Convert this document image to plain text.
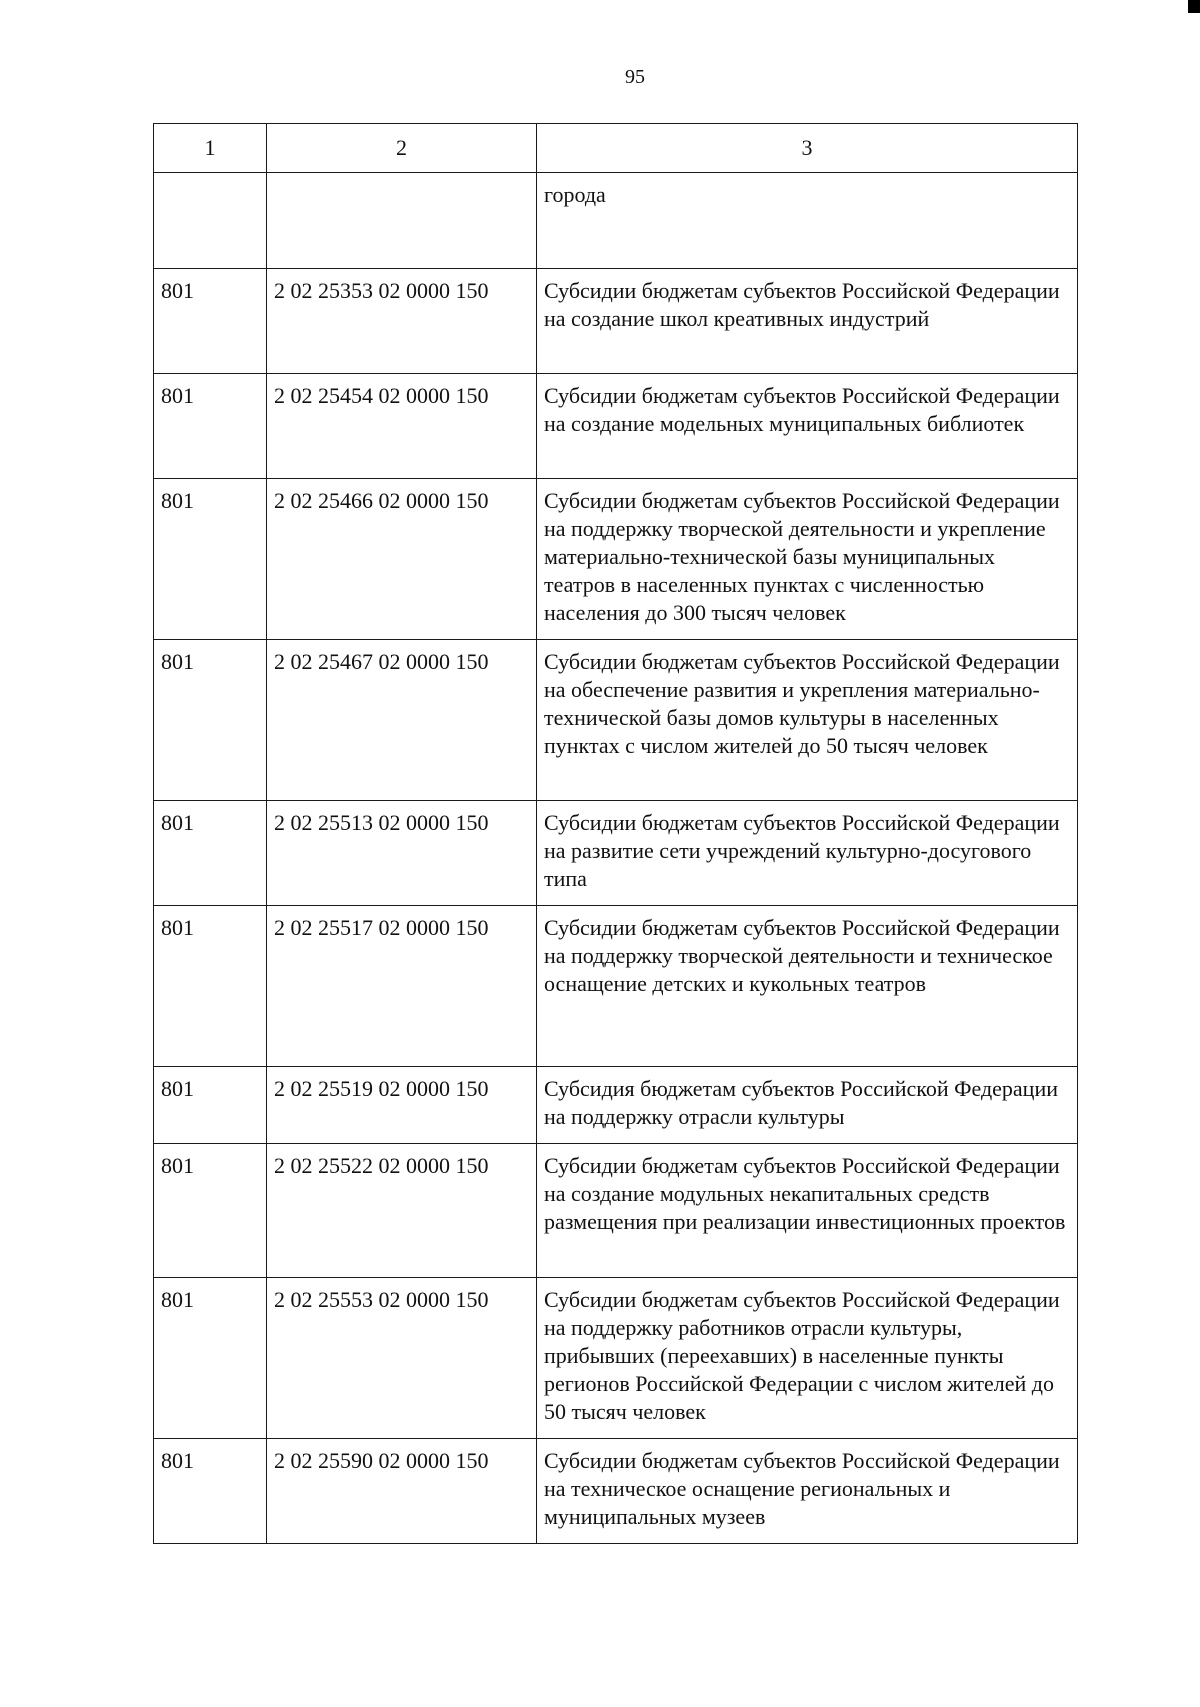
95
1	2	3
		города
801	2 02 25353 02 0000 150	Субсидии бюджетам субъектов Российской Федерации на создание школ креативных индустрий
801	2 02 25454 02 0000 150	Субсидии бюджетам субъектов Российской Федерации на создание модельных муниципальных библиотек
801	2 02 25466 02 0000 150	Субсидии бюджетам субъектов Российской Федерации на поддержку творческой деятельности и укрепление материально-технической базы муниципальных театров в населенных пунктах с численностью населения до 300 тысяч человек
801	2 02 25467 02 0000 150	Субсидии бюджетам субъектов Российской Федерации на обеспечение развития и укрепления материально-технической базы домов культуры в населенных пунктах с числом жителей до 50 тысяч человек
801	2 02 25513 02 0000 150	Субсидии бюджетам субъектов Российской Федерации на развитие сети учреждений культурно-досугового типа
801	2 02 25517 02 0000 150	Субсидии бюджетам субъектов Российской Федерации на поддержку творческой деятельности и техническое оснащение детских и кукольных театров
801	2 02 25519 02 0000 150	Субсидия бюджетам субъектов Российской Федерации на поддержку отрасли культуры
801	2 02 25522 02 0000 150	Субсидии бюджетам субъектов Российской Федерации на создание модульных некапитальных средств размещения при реализации инвестиционных проектов
801	2 02 25553 02 0000 150	Субсидии бюджетам субъектов Российской Федерации на поддержку работников отрасли культуры, прибывших (переехавших) в населенные пункты регионов Российской Федерации с числом жителей до 50 тысяч человек
801	2 02 25590 02 0000 150	Субсидии бюджетам субъектов Российской Федерации на техническое оснащение региональных и муниципальных музеев
